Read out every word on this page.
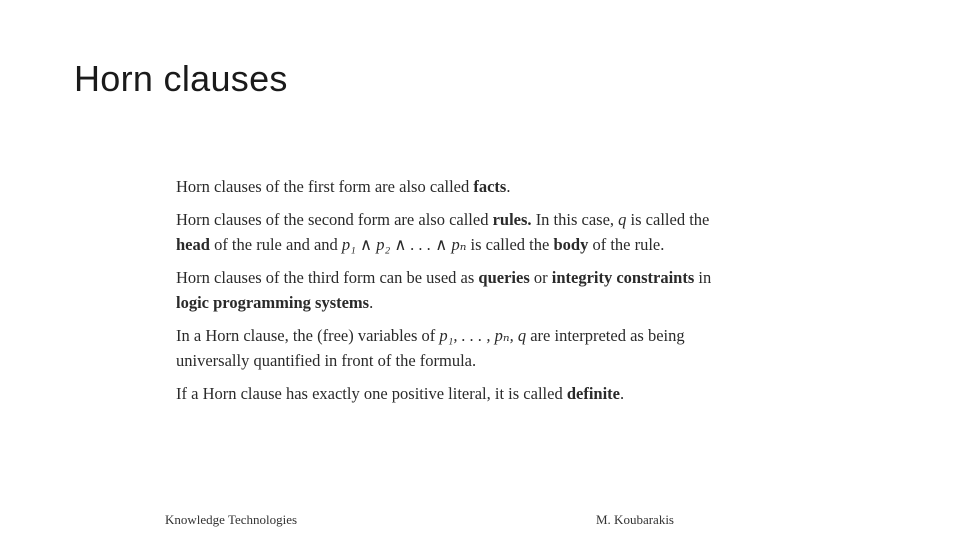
Horn clauses

Horn clauses of the first form are also called facts.

Horn clauses of the second form are also called rules. In this case, q is called the head of the rule and and p₁ ∧ p₂ ∧ . . . ∧ pₙ is called the body of the rule.

Horn clauses of the third form can be used as queries or integrity constraints in logic programming systems.

In a Horn clause, the (free) variables of p₁, . . . , pₙ, q are interpreted as being universally quantified in front of the formula.

If a Horn clause has exactly one positive literal, it is called definite.

Knowledge Technologies	M. Koubarakis
